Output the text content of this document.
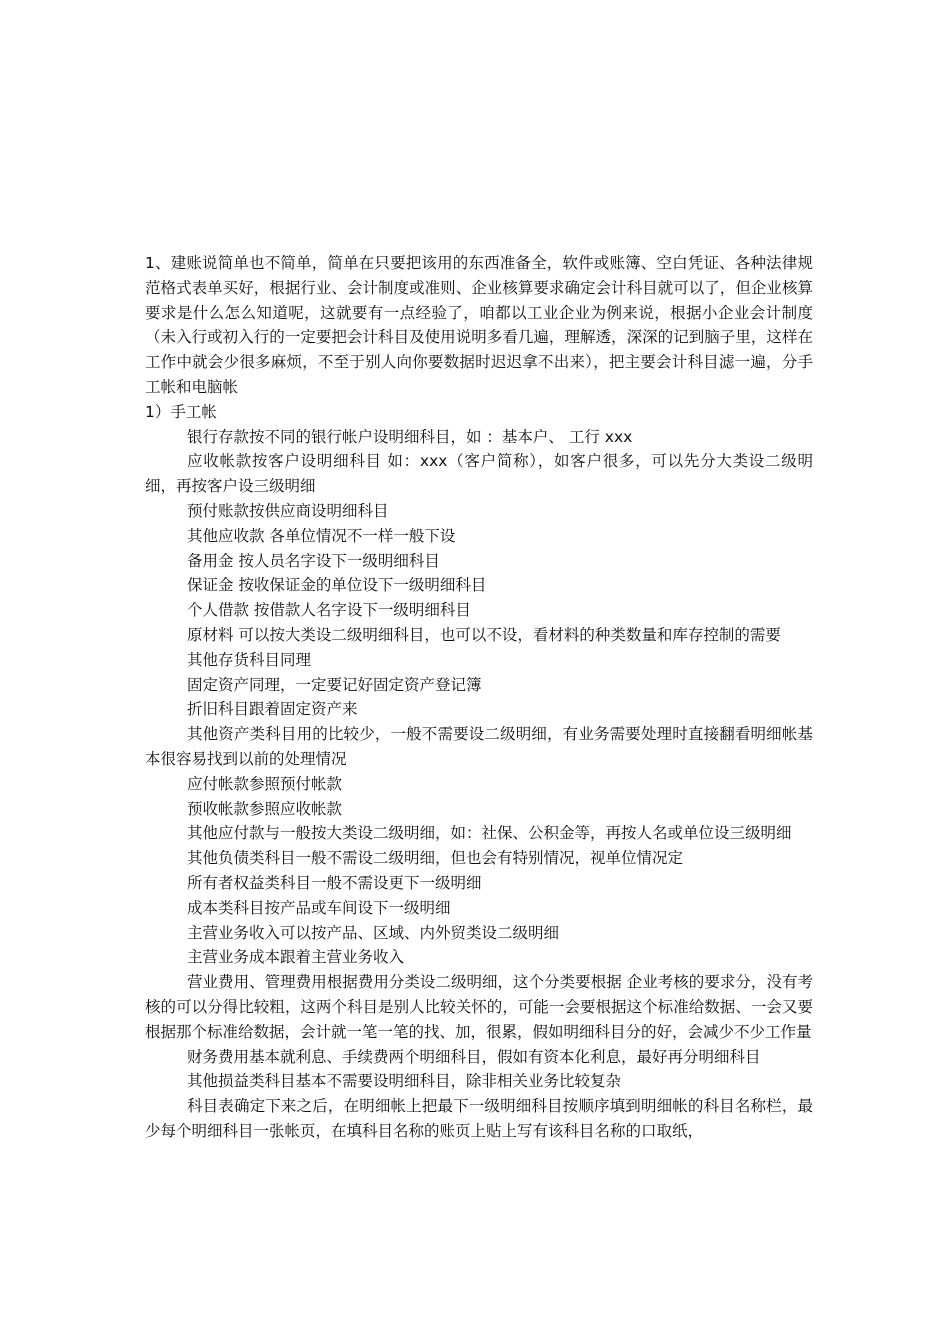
1、建账说简单也不简单，简单在只要把该用的东西准备全，软件或账簿、空白凭证、各种法律规范格式表单买好，根据行业、会计制度或准则、企业核算要求确定会计科目就可以了，但企业核算要求是什么怎么知道呢，这就要有一点经验了，咱都以工业企业为例来说，根据小企业会计制度（未入行或初入行的一定要把会计科目及使用说明多看几遍，理解透，深深的记到脑子里，这样在工作中就会少很多麻烦，不至于别人向你要数据时迟迟拿不出来），把主要会计科目滤一遍，分手工帐和电脑帐

1）手工帐

银行存款按不同的银行帐户设明细科目，如 ：基本户、 工行 xxx

应收帐款按客户设明细科目 如：xxx（客户简称），如客户很多，可以先分大类设二级明细，再按客户设三级明细

预付账款按供应商设明细科目

其他应收款 各单位情况不一样一般下设

备用金 按人员名字设下一级明细科目

保证金 按收保证金的单位设下一级明细科目

个人借款 按借款人名字设下一级明细科目

原材料 可以按大类设二级明细科目，也可以不设，看材料的种类数量和库存控制的需要

其他存货科目同理

固定资产同理，一定要记好固定资产登记簿

折旧科目跟着固定资产来

其他资产类科目用的比较少，一般不需要设二级明细，有业务需要处理时直接翻看明细帐基本很容易找到以前的处理情况

应付帐款参照预付帐款

预收帐款参照应收帐款

其他应付款与一般按大类设二级明细，如：社保、公积金等，再按人名或单位设三级明细

其他负债类科目一般不需设二级明细，但也会有特别情况，视单位情况定

所有者权益类科目一般不需设更下一级明细

成本类科目按产品或车间设下一级明细

主营业务收入可以按产品、区域、内外贸类设二级明细

主营业务成本跟着主营业务收入

营业费用、管理费用根据费用分类设二级明细，这个分类要根据 企业考核的要求分，没有考核的可以分得比较粗，这两个科目是别人比较关怀的，可能一会要根据这个标准给数据、一会又要根据那个标准给数据，会计就一笔一笔的找、加，很累，假如明细科目分的好，会减少不少工作量

财务费用基本就利息、手续费两个明细科目，假如有资本化利息，最好再分明细科目

其他损益类科目基本不需要设明细科目，除非相关业务比较复杂

科目表确定下来之后，在明细帐上把最下一级明细科目按顺序填到明细帐的科目名称栏，最少每个明细科目一张帐页，在填科目名称的账页上贴上写有该科目名称的口取纸，
